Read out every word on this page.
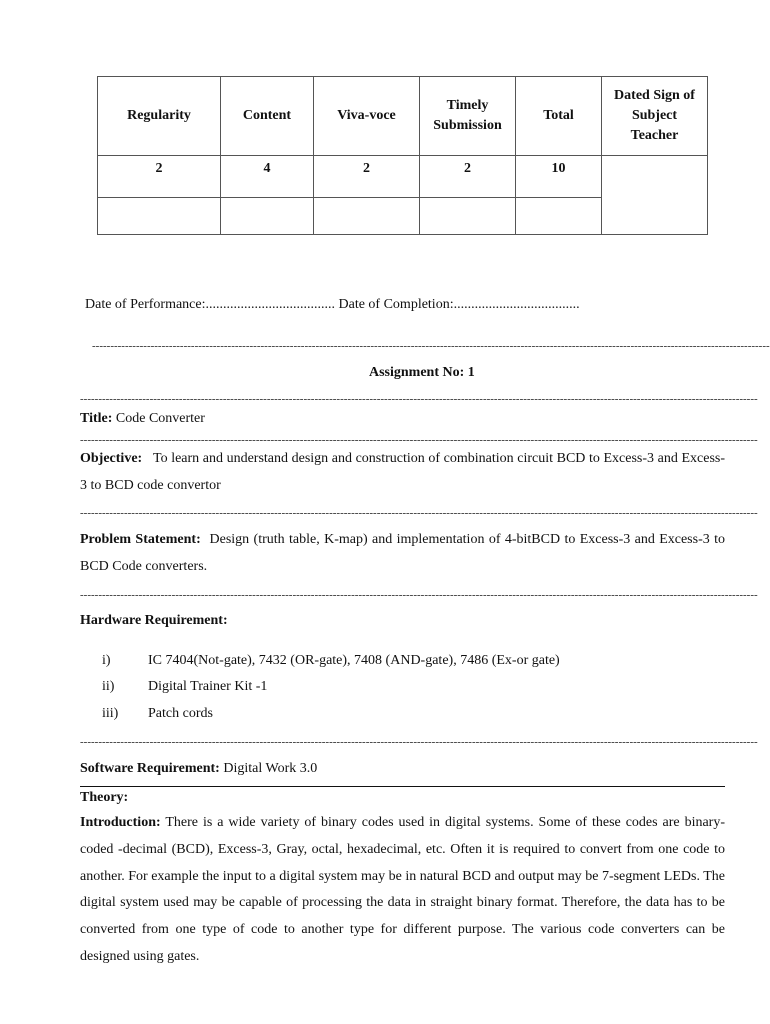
Regularity	Content	Viva-voce	Timely Submission	Total	Dated Sign of Subject Teacher
2	4	2	2	10	

Date of Performance:..................................... Date of Completion:....................................
-----------------------------------------------------------------------------------------------------------------------------------------------------------------------------------------
Assignment No: 1
-----------------------------------------------------------------------------------------------------------------------------------------------------------------------------------------
Title: Code Converter
-----------------------------------------------------------------------------------------------------------------------------------------------------------------------------------------
Objective: To learn and understand design and construction of combination circuit BCD to Excess-3 and Excess-3 to BCD code convertor
-----------------------------------------------------------------------------------------------------------------------------------------------------------------------------------------
Problem Statement: Design (truth table, K-map) and implementation of 4-bitBCD to Excess-3 and Excess-3 to BCD Code converters.
-----------------------------------------------------------------------------------------------------------------------------------------------------------------------------------------
Hardware Requirement:
i)	IC 7404(Not-gate), 7432 (OR-gate), 7408 (AND-gate), 7486 (Ex-or gate)
ii) Digital Trainer Kit -1
iii) Patch cords
-----------------------------------------------------------------------------------------------------------------------------------------------------------------------------------------
Software Requirement: Digital Work 3.0
Theory:
Introduction: There is a wide variety of binary codes used in digital systems. Some of these codes are binary- coded -decimal (BCD), Excess-3, Gray, octal, hexadecimal, etc. Often it is required to convert from one code to another. For example the input to a digital system may be in natural BCD and output may be 7-segment LEDs. The digital system used may be capable of processing the data in straight binary format. Therefore, the data has to be converted from one type of code to another type for different purpose. The various code converters can be designed using gates.
